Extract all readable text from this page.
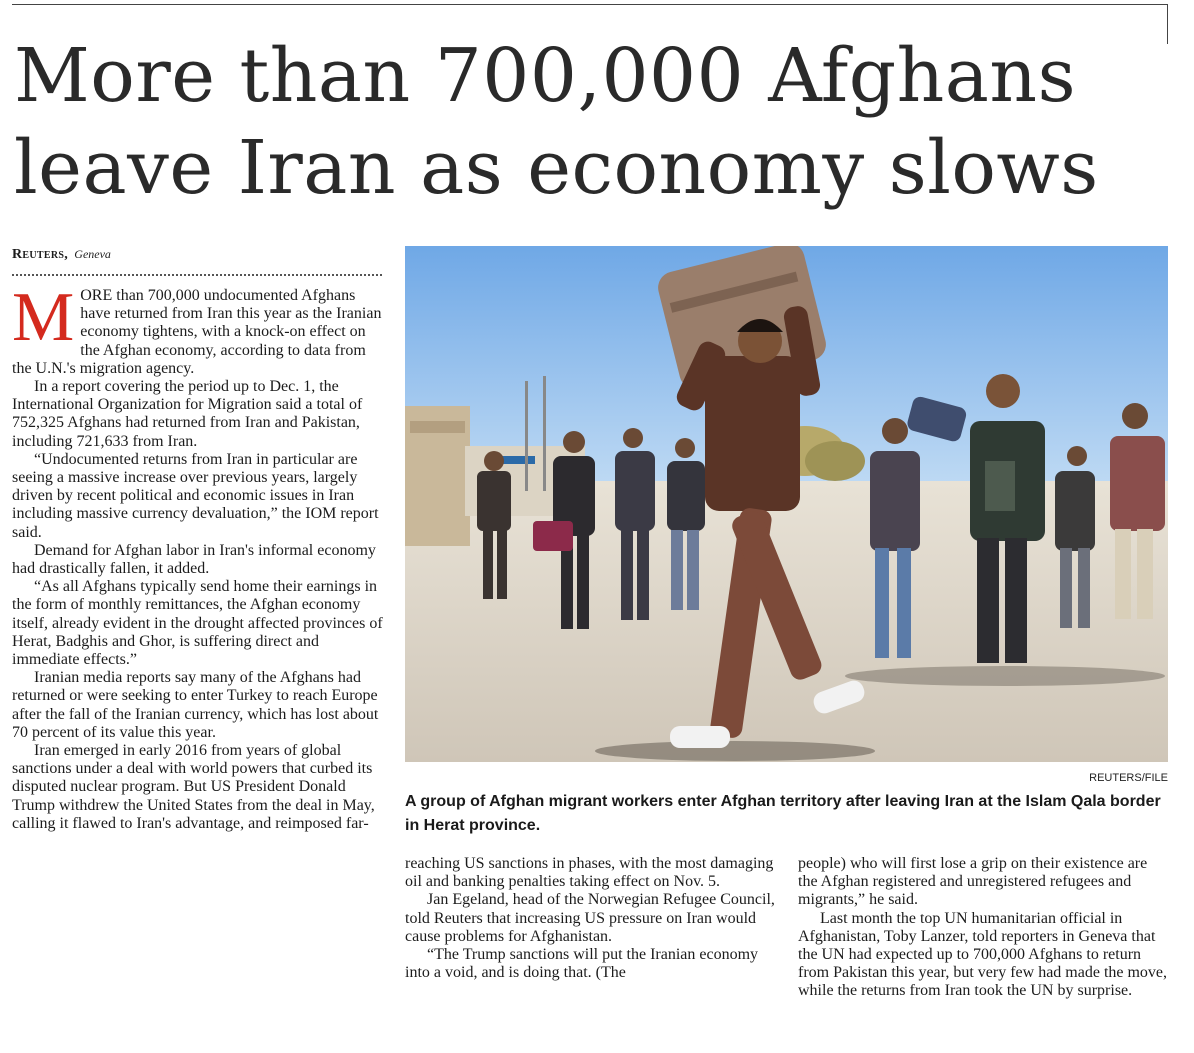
More than 700,000 Afghans
leave Iran as economy slows
Reuters, Geneva

MORE than 700,000 undocumented Afghans have returned from Iran this year as the Iranian economy tightens, with a knock-on effect on the Afghan economy, according to data from the U.N.'s migration agency.

In a report covering the period up to Dec. 1, the International Organization for Migration said a total of 752,325 Afghans had returned from Iran and Pakistan, including 721,633 from Iran.

“Undocumented returns from Iran in particular are seeing a massive increase over previous years, largely driven by recent political and economic issues in Iran including massive currency devaluation,” the IOM report said.

Demand for Afghan labor in Iran's informal economy had drastically fallen, it added.

“As all Afghans typically send home their earnings in the form of monthly remittances, the Afghan economy itself, already evident in the drought affected provinces of Herat, Badghis and Ghor, is suffering direct and immediate effects.”

Iranian media reports say many of the Afghans had returned or were seeking to enter Turkey to reach Europe after the fall of the Iranian currency, which has lost about 70 percent of its value this year.

Iran emerged in early 2016 from years of global sanctions under a deal with world powers that curbed its disputed nuclear program. But US President Donald Trump withdrew the United States from the deal in May, calling it flawed to Iran's advantage, and reimposed far-

REUTERS/FILE
A group of Afghan migrant workers enter Afghan territory after leaving Iran at the Islam Qala border in Herat province.

reaching US sanctions in phases, with the most damaging oil and banking penalties taking effect on Nov. 5.

Jan Egeland, head of the Norwegian Refugee Council, told Reuters that increasing US pressure on Iran would cause problems for Afghanistan.

“The Trump sanctions will put the Iranian economy into a void, and is doing that. (The

people) who will first lose a grip on their existence are the Afghan registered and unregistered refugees and migrants,” he said.

Last month the top UN humanitarian official in Afghanistan, Toby Lanzer, told reporters in Geneva that the UN had expected up to 700,000 Afghans to return from Pakistan this year, but very few had made the move, while the returns from Iran took the UN by surprise.
